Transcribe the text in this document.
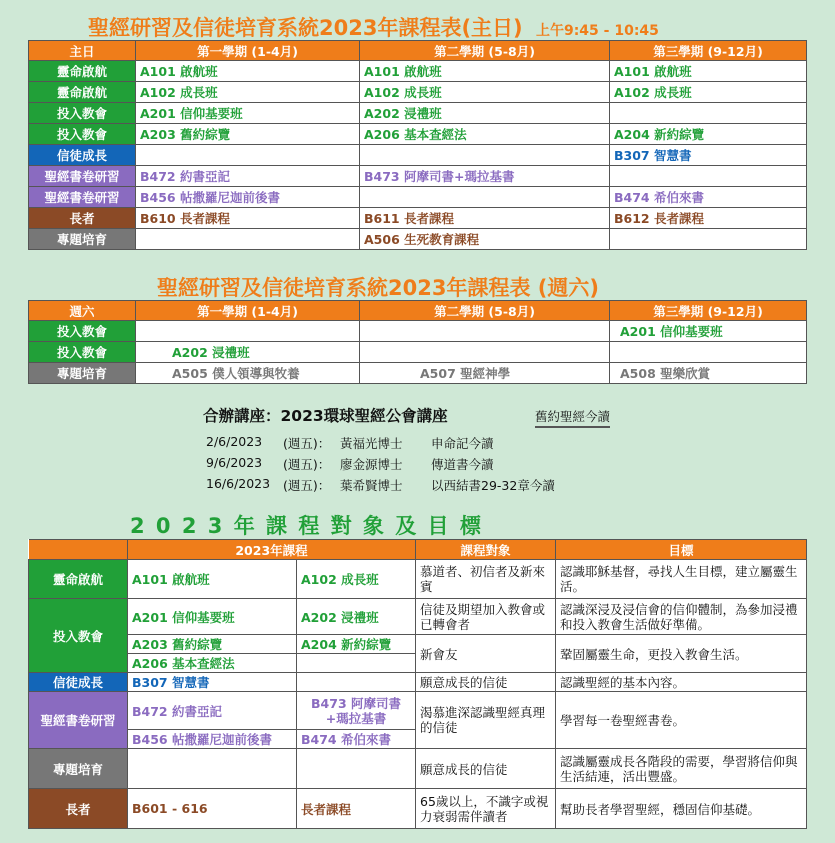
聖經研習及信徒培育系統2023年課程表(主日) 上午9:45 - 10:45
主日	第一學期 (1-4月)	第二學期 (5-8月)	第三學期 (9-12月)
靈命啟航	A101 啟航班	A101 啟航班	A101 啟航班
靈命啟航	A102 成長班	A102 成長班	A102 成長班
投入教會	A201 信仰基要班	A202 浸禮班	
投入教會	A203 舊約綜覽	A206 基本查經法	A204 新約綜覽
信徒成長			B307 智慧書
聖經書卷研習	B472 約書亞記	B473 阿摩司書+瑪拉基書	
聖經書卷研習	B456 帖撒羅尼迦前後書		B474 希伯來書
長者	B610 長者課程	B611 長者課程	B612 長者課程
專題培育		A506 生死教育課程	
聖經研習及信徒培育系統2023年課程表 (週六)
週六	第一學期 (1-4月)	第二學期 (5-8月)	第三學期 (9-12月)
投入教會			A201 信仰基要班
投入教會	A202 浸禮班		
專題培育	A505 僕人領導與牧養	A507 聖經神學	A508 聖樂欣賞
合辦講座：2023環球聖經公會講座	舊約聖經今讀
2/6/2023 (週五)： 黃福光博士 申命記今讀
9/6/2023 (週五)： 廖金源博士 傳道書今讀
16/6/2023 (週五)： 葉希賢博士 以西結書29-32章今讀
2 0 2 3 年 課 程 對 象 及 目 標
	2023年課程		課程對象	目標
靈命啟航	A101 啟航班	A102 成長班	慕道者、初信者及新來賓	認識耶穌基督，尋找人生目標，建立屬靈生活。
投入教會	A201 信仰基要班	A202 浸禮班	信徒及期望加入教會或已轉會者	認識深浸及浸信會的信仰體制，為參加浸禮和投入教會生活做好準備。
	A203 舊約綜覽	A204 新約綜覽	新會友	鞏固屬靈生命，更投入教會生活。
	A206 基本查經法			
信徒成長	B307 智慧書		願意成長的信徒	認識聖經的基本內容。
聖經書卷研習	B472 約書亞記	B473 阿摩司書+瑪拉基書	渴慕進深認識聖經真理的信徒	學習每一卷聖經書卷。
	B456 帖撒羅尼迦前後書	B474 希伯來書		
專題培育			願意成長的信徒	認識屬靈成長各階段的需要，學習將信仰與生活結連，活出豐盛。
長者	B601 - 616	長者課程	65歲以上，不識字或視力衰弱需伴讀者	幫助長者學習聖經，穩固信仰基礎。
